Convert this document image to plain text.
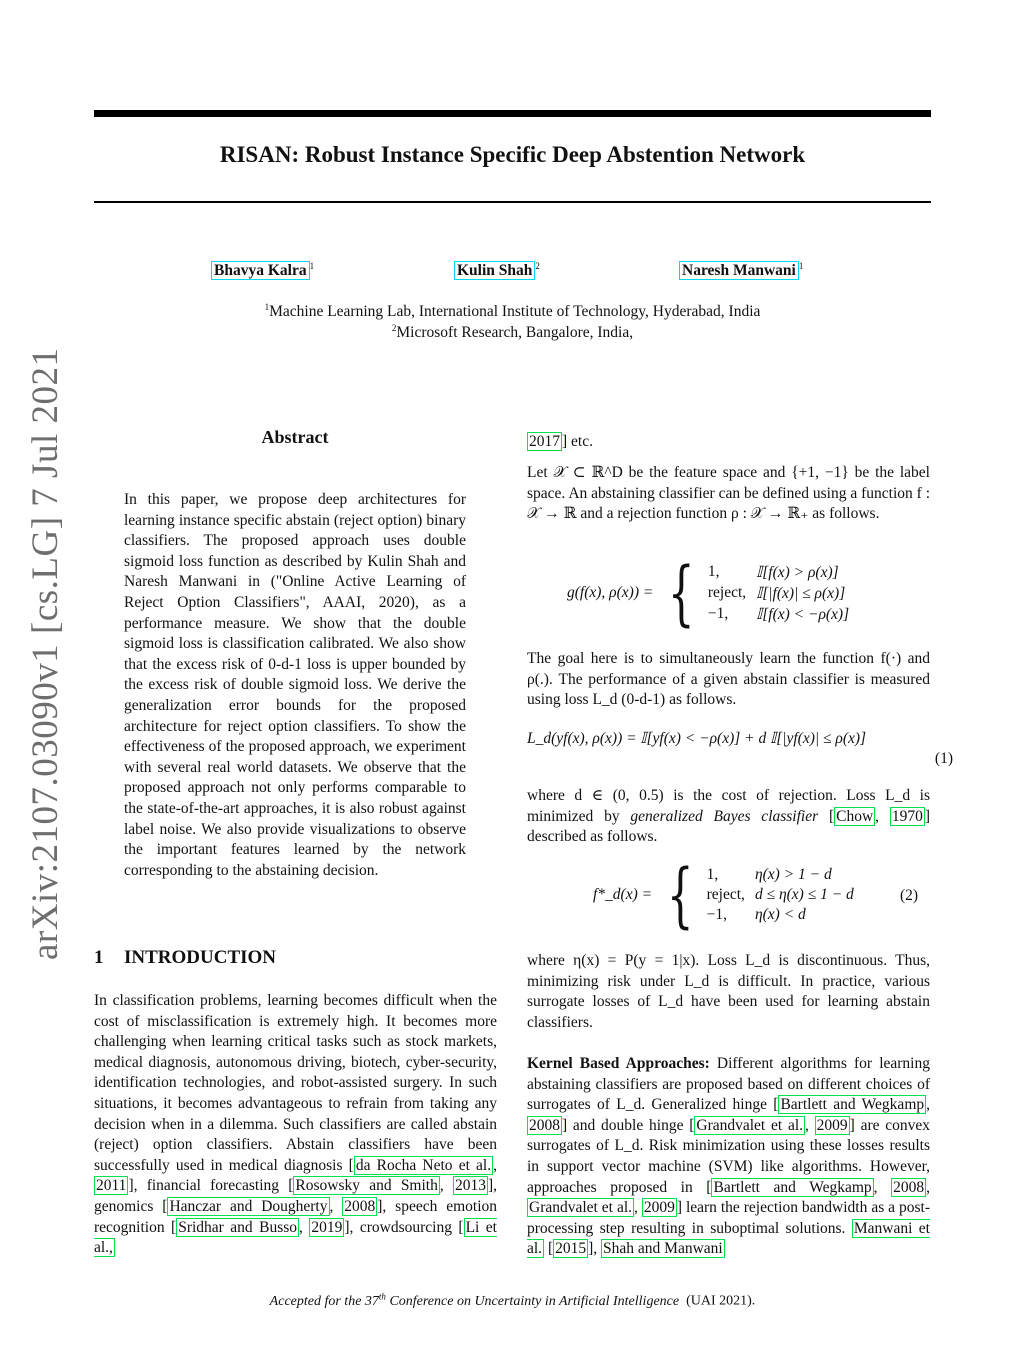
RISAN: Robust Instance Specific Deep Abstention Network
Bhavya Kalra $^1$	Kulin Shah $^2$	Naresh Manwani $^1$
$^1$Machine Learning Lab, International Institute of Technology, Hyderabad, India
$^2$Microsoft Research, Bangalore, India,
arXiv:2107.03090v1 [cs.LG] 7 Jul 2021	Abstract

In this paper, we propose deep architectures for learning instance specific abstain (reject option) binary classifiers. The proposed approach uses double sigmoid loss function as described by Kulin Shah and Naresh Manwani in ("Online Active Learning of Reject Option Classifiers", AAAI, 2020), as a performance measure. We show that the double sigmoid loss is classification calibrated. We also show that the excess risk of 0-d-1 loss is upper bounded by the excess risk of double sigmoid loss. We derive the generalization error bounds for the proposed architecture for reject option classifiers. To show the effectiveness of the proposed approach, we experiment with several real world datasets. We observe that the proposed approach not only performs comparable to the state-of-the-art approaches, it is also robust against label noise. We also provide visualizations to observe the important features learned by the network corresponding to the abstaining decision.

1 INTRODUCTION

In classification problems, learning becomes difficult when the cost of misclassification is extremely high. It becomes more challenging when learning critical tasks such as stock markets, medical diagnosis, autonomous driving, biotech, cyber-security, identification technologies, and robot-assisted surgery. In such situations, it becomes advantageous to refrain from taking any decision when in a dilemma. Such classifiers are called abstain (reject) option classifiers. Abstain classifiers have been successfully used in medical diagnosis [ da Rocha Neto et al. , 2011 ], financial forecasting [ Rosowsky and Smith , 2013 ], genomics [ Hanczar and Dougherty , 2008 ], speech emotion recognition [ Sridhar and Busso , 2019 ], crowdsourcing [ Li et al.,

2017 ] etc.

Let 𝒳 ⊂ ℝ^D be the feature space and {+1, −1} be the label space. An abstaining classifier can be defined using a function f : 𝒳 → ℝ and a rejection function ρ : 𝒳 → ℝ₊ as follows.

g(f(x), ρ(x)) = { 1,	𝕀[f(x) > ρ(x)]
reject,	𝕀[|f(x)| ≤ ρ(x)]
−1,	𝕀[f(x) < −ρ(x)]

The goal here is to simultaneously learn the function f(·) and ρ(.). The performance of a given abstain classifier is measured using loss L_d (0-d-1) as follows.

L_d(yf(x), ρ(x)) = 𝕀[yf(x) < −ρ(x)] + d 𝕀[|yf(x)| ≤ ρ(x)]
(1)

where d ∈ (0, 0.5) is the cost of rejection. Loss L_d is minimized by generalized Bayes classifier [ Chow , 1970 ] described as follows.

f*_d(x) = { 1,	η(x) > 1 − d
reject,	d ≤ η(x) ≤ 1 − d
−1,	η(x) < d
(2)

where η(x) = P(y = 1|x). Loss L_d is discontinuous. Thus, minimizing risk under L_d is difficult. In practice, various surrogate losses of L_d have been used for learning abstain classifiers.

Kernel Based Approaches: Different algorithms for learning abstaining classifiers are proposed based on different choices of surrogates of L_d. Generalized hinge [ Bartlett and Wegkamp , 2008 ] and double hinge [ Grandvalet et al. , 2009 ] are convex surrogates of L_d. Risk minimization using these losses results in support vector machine (SVM) like algorithms. However, approaches proposed in [ Bartlett and Wegkamp , 2008 , Grandvalet et al. , 2009 ] learn the rejection bandwidth as a post-processing step resulting in suboptimal solutions. Manwani et al. [ 2015 ], Shah and Manwani

Accepted for the 37th Conference on Uncertainty in Artificial Intelligence (UAI 2021).
